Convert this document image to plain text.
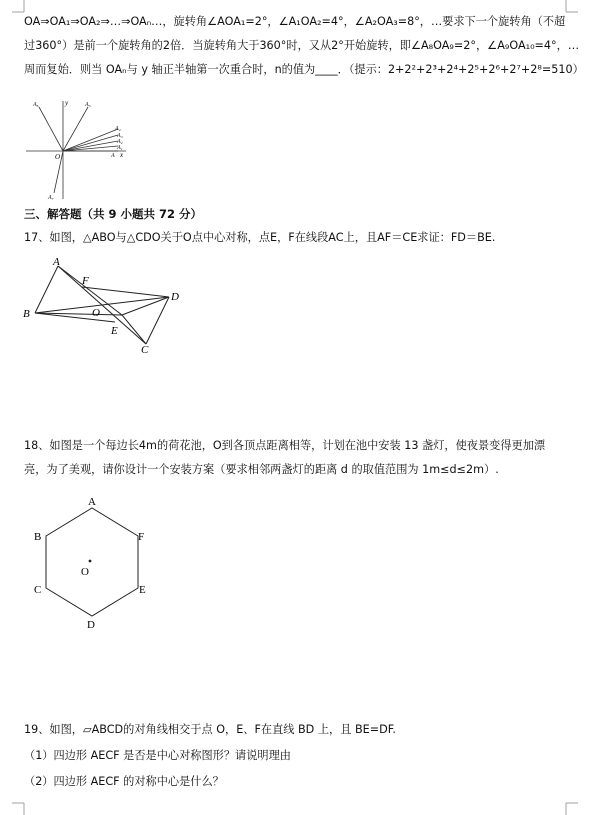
OA⇒OA₁⇒OA₂⇒…⇒OAₙ…，旋转角∠AOA₁=2°，∠A₁OA₂=4°，∠A₂OA₃=8°，…要求下一个旋转角（不超
过360°）是前一个旋转角的2倍．当旋转角大于360°时，又从2°开始旋转，即∠A₈OA₉=2°，∠A₉OA₁₀=4°，…
周而复始．则当 OAₙ与 y 轴正半轴第一次重合时，n的值为____．（提示：2+2²+2³+2⁴+2⁵+2⁶+2⁷+2⁸=510）
y
x
O	A
A₄
A₃
A₂
A₁
A₅
A₆
A₇
三、解答题（共 9 小题共 72 分）
17、如图，△ABO与△CDO关于O点中心对称，点E，F在线段AC上，且AF＝CE求证：FD＝BE.
A
B
C
D
E
F
O
18、如图是一个每边长4m的荷花池，O到各顶点距离相等，计划在池中安装 13 盏灯，使夜景变得更加漂
亮，为了美观，请你设计一个安装方案（要求相邻两盏灯的距离 d 的取值范围为 1m≤d≤2m）.
A
B
C
D
E
F
O
19、如图，▱ABCD的对角线相交于点 O，E、F在直线 BD 上，且 BE=DF.
（1）四边形 AECF 是否是中心对称图形？请说明理由
（2）四边形 AECF 的对称中心是什么？
